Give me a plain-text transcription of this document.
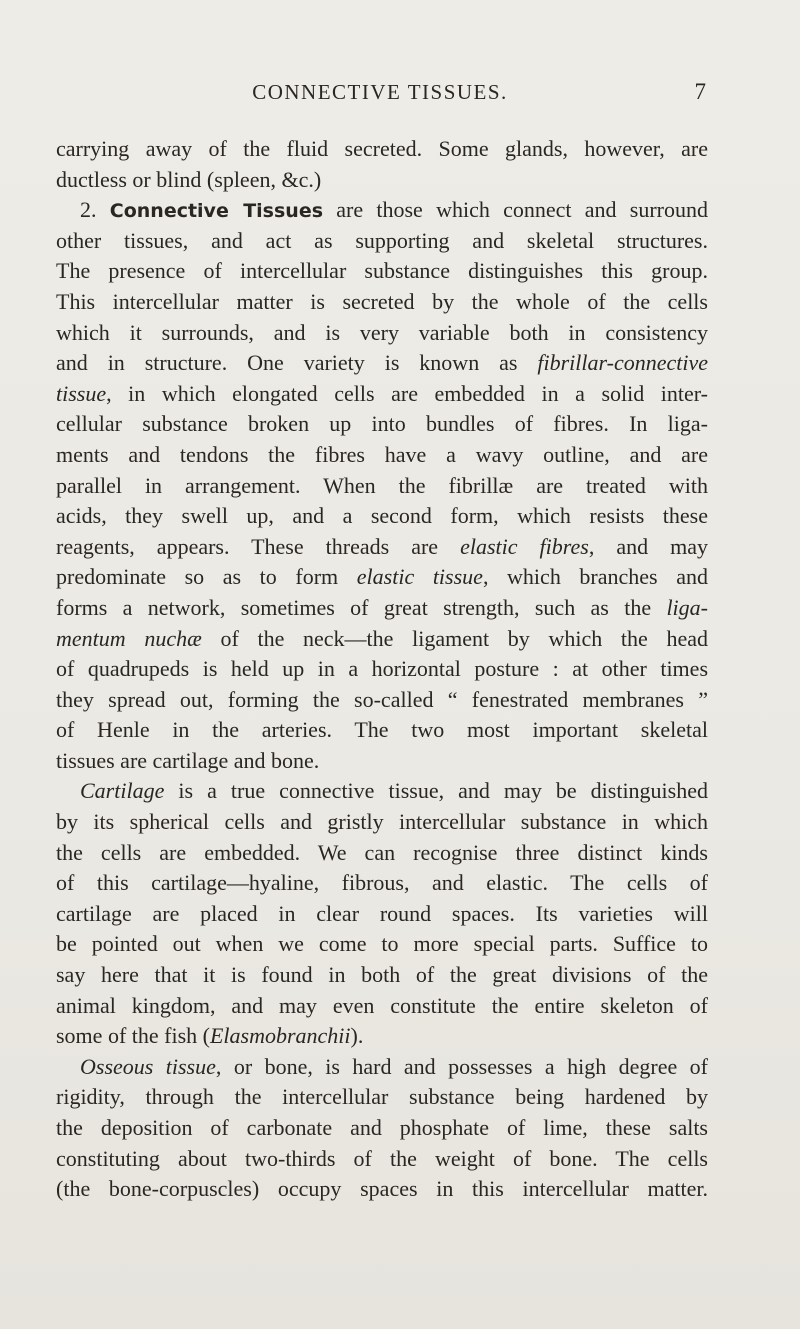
CONNECTIVE TISSUES.	7
carrying away of the fluid secreted. Some glands, however, are
ductless or blind (spleen, &c.)
2. Connective Tissues are those which connect and surround
other tissues, and act as supporting and skeletal structures.
The presence of intercellular substance distinguishes this group.
This intercellular matter is secreted by the whole of the cells
which it surrounds, and is very variable both in consistency
and in structure. One variety is known as fibrillar-connective
tissue, in which elongated cells are embedded in a solid inter-
cellular substance broken up into bundles of fibres. In liga-
ments and tendons the fibres have a wavy outline, and are
parallel in arrangement. When the fibrillæ are treated with
acids, they swell up, and a second form, which resists these
reagents, appears. These threads are elastic fibres, and may
predominate so as to form elastic tissue, which branches and
forms a network, sometimes of great strength, such as the liga-
mentum nuchæ of the neck—the ligament by which the head
of quadrupeds is held up in a horizontal posture : at other times
they spread out, forming the so-called “ fenestrated membranes ”
of Henle in the arteries. The two most important skeletal
tissues are cartilage and bone.
Cartilage is a true connective tissue, and may be distinguished
by its spherical cells and gristly intercellular substance in which
the cells are embedded. We can recognise three distinct kinds
of this cartilage—hyaline, fibrous, and elastic. The cells of
cartilage are placed in clear round spaces. Its varieties will
be pointed out when we come to more special parts. Suffice to
say here that it is found in both of the great divisions of the
animal kingdom, and may even constitute the entire skeleton of
some of the fish (Elasmobranchii).
Osseous tissue, or bone, is hard and possesses a high degree of
rigidity, through the intercellular substance being hardened by
the deposition of carbonate and phosphate of lime, these salts
constituting about two-thirds of the weight of bone. The cells
(the bone-corpuscles) occupy spaces in this intercellular matter.
